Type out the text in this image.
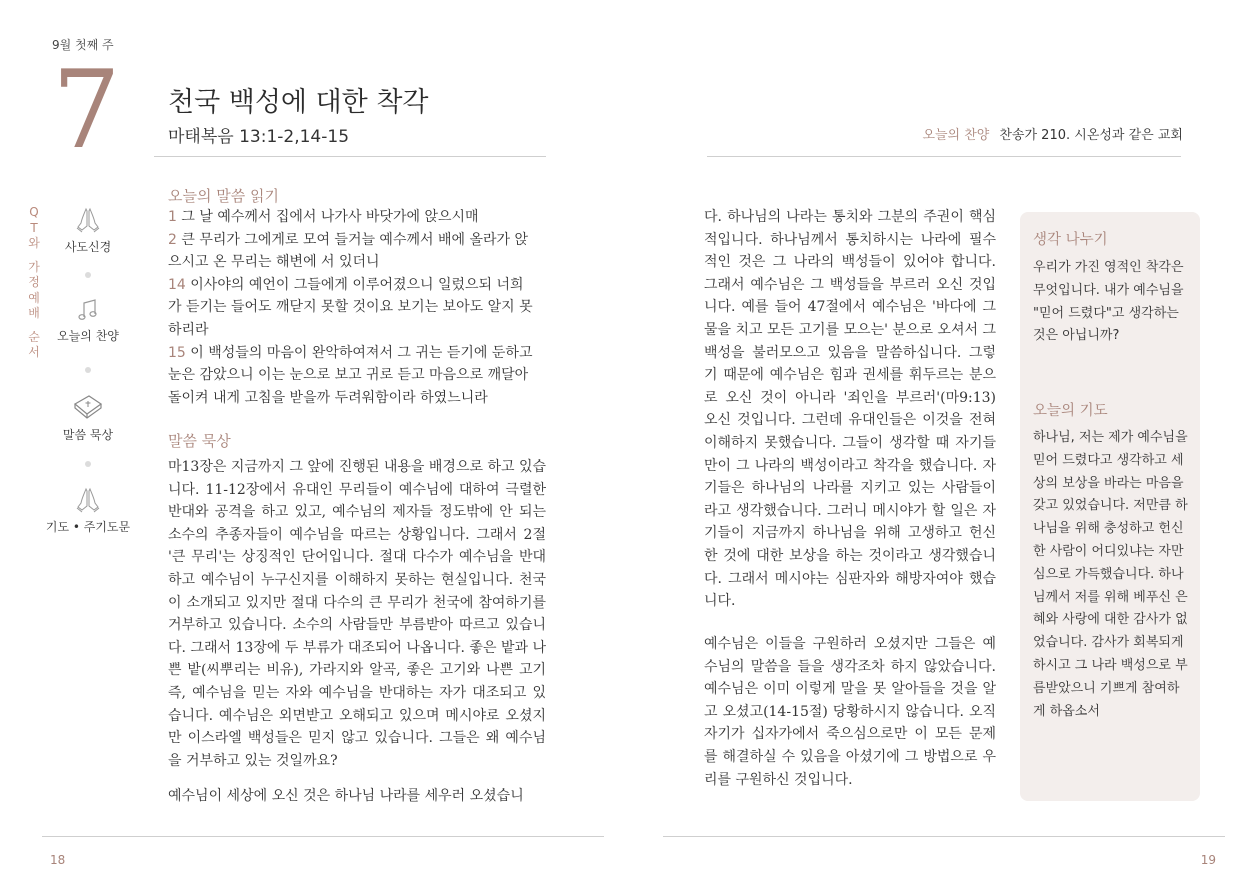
9월 첫째 주
7 천국 백성에 대한 착각
마태복음 13:1-2,14-15	오늘의 찬양 찬송가 210. 시온성과 같은 교회
Q
T
와
가
정
예
배
순
서
사도신경
오늘의 찬양
말씀 묵상
기도 • 주기도문
오늘의 말씀 읽기
1 그 날 예수께서 집에서 나가사 바닷가에 앉으시매
2 큰 무리가 그에게로 모여 들거늘 예수께서 배에 올라가 앉
으시고 온 무리는 해변에 서 있더니
14 이사야의 예언이 그들에게 이루어졌으니 일렀으되 너희
가 듣기는 들어도 깨닫지 못할 것이요 보기는 보아도 알지 못
하리라
15 이 백성들의 마음이 완악하여져서 그 귀는 듣기에 둔하고
눈은 감았으니 이는 눈으로 보고 귀로 듣고 마음으로 깨달아
돌이켜 내게 고침을 받을까 두려워함이라 하였느니라
말씀 묵상
마13장은 지금까지 그 앞에 진행된 내용을 배경으로 하고 있습니다. 11-12장에서 유대인 무리들이 예수님에 대하여 극렬한 반대와 공격을 하고 있고, 예수님의 제자들 정도밖에 안 되는 소수의 추종자들이 예수님을 따르는 상황입니다. 그래서 2절 '큰 무리'는 상징적인 단어입니다. 절대 다수가 예수님을 반대하고 예수님이 누구신지를 이해하지 못하는 현실입니다. 천국이 소개되고 있지만 절대 다수의 큰 무리가 천국에 참여하기를 거부하고 있습니다. 소수의 사람들만 부름받아 따르고 있습니다. 그래서 13장에 두 부류가 대조되어 나옵니다. 좋은 밭과 나쁜 밭(씨뿌리는 비유), 가라지와 알곡, 좋은 고기와 나쁜 고기 즉, 예수님을 믿는 자와 예수님을 반대하는 자가 대조되고 있습니다. 예수님은 외면받고 오해되고 있으며 메시야로 오셨지만 이스라엘 백성들은 믿지 않고 있습니다. 그들은 왜 예수님을 거부하고 있는 것일까요?
예수님이 세상에 오신 것은 하나님 나라를 세우러 오셨습니
다. 하나님의 나라는 통치와 그분의 주권이 핵심적입니다. 하나님께서 통치하시는 나라에 필수적인 것은 그 나라의 백성들이 있어야 합니다. 그래서 예수님은 그 백성들을 부르러 오신 것입니다. 예를 들어 47절에서 예수님은 '바다에 그물을 치고 모든 고기를 모으는' 분으로 오셔서 그 백성을 불러모으고 있음을 말씀하십니다. 그렇기 때문에 예수님은 힘과 권세를 휘두르는 분으로 오신 것이 아니라 '죄인을 부르러'(마9:13) 오신 것입니다. 그런데 유대인들은 이것을 전혀 이해하지 못했습니다. 그들이 생각할 때 자기들만이 그 나라의 백성이라고 착각을 했습니다. 자기들은 하나님의 나라를 지키고 있는 사람들이라고 생각했습니다. 그러니 메시야가 할 일은 자기들이 지금까지 하나님을 위해 고생하고 헌신한 것에 대한 보상을 하는 것이라고 생각했습니다. 그래서 메시야는 심판자와 해방자여야 했습니다.
예수님은 이들을 구원하러 오셨지만 그들은 예수님의 말씀을 들을 생각조차 하지 않았습니다. 예수님은 이미 이렇게 말을 못 알아들을 것을 알고 오셨고(14-15절) 당황하시지 않습니다. 오직 자기가 십자가에서 죽으심으로만 이 모든 문제를 해결하실 수 있음을 아셨기에 그 방법으로 우리를 구원하신 것입니다.
생각 나누기
우리가 가진 영적인 착각은 무엇입니다. 내가 예수님을 "믿어 드렸다"고 생각하는 것은 아닙니까?
오늘의 기도
하나님, 저는 제가 예수님을 믿어 드렸다고 생각하고 세상의 보상을 바라는 마음을 갖고 있었습니다. 저만큼 하나님을 위해 충성하고 헌신한 사람이 어디있냐는 자만심으로 가득했습니다. 하나님께서 저를 위해 베푸신 은혜와 사랑에 대한 감사가 없었습니다. 감사가 회복되게 하시고 그 나라 백성으로 부름받았으니 기쁘게 참여하게 하옵소서
18	19
